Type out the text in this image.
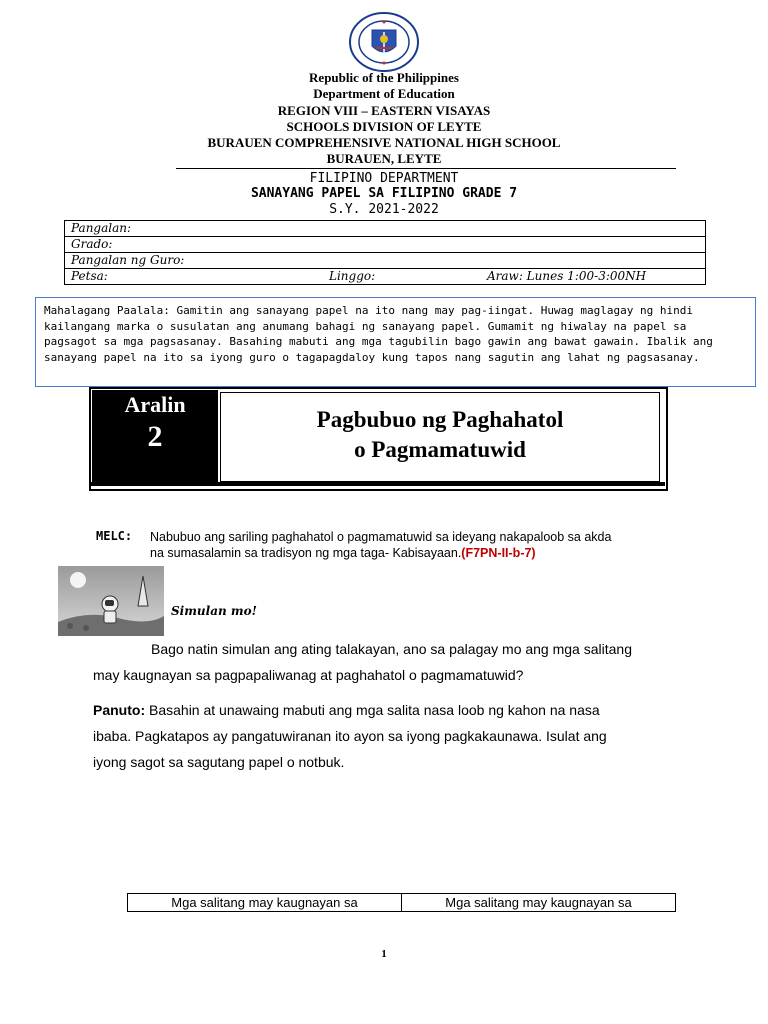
Republic of the Philippines
Department of Education
REGION VIII – EASTERN VISAYAS
SCHOOLS DIVISION OF LEYTE
BURAUEN COMPREHENSIVE NATIONAL HIGH SCHOOL
BURAUEN, LEYTE
FILIPINO DEPARTMENT
SANAYANG PAPEL SA FILIPINO GRADE 7
S.Y. 2021-2022
Pangalan:
Grado:
Pangalan ng Guro:

Petsa:	Linggo:	Araw: Lunes 1:00-3:00NH
Mahalagang Paalala: Gamitin ang sanayang papel na ito nang may pag-iingat. Huwag maglagay ng hindi
kailangang marka o susulatan ang anumang bahagi ng sanayang papel. Gumamit ng hiwalay na papel sa
pagsagot sa mga pagsasanay. Basahing mabuti ang mga tagubilin bago gawin ang bawat gawain. Ibalik ang
sanayang papel na ito sa iyong guro o tagapagdaloy kung tapos nang sagutin ang lahat ng pagsasanay.
Aralin
2
Pagbubuo ng Paghahatol
o Pagmamatuwid
MELC: Nabubuo ang sariling paghahatol o pagmamatuwid sa ideyang nakapaloob sa akda
na sumasalamin sa tradisyon ng mga taga- Kabisayaan.(F7PN-II-b-7)
Simulan mo!
Bago natin simulan ang ating talakayan, ano sa palagay mo ang mga salitang
may kaugnayan sa pagpapaliwanag at paghahatol o pagmamatuwid?
Panuto: Basahin at unawaing mabuti ang mga salita nasa loob ng kahon na nasa
ibaba. Pagkatapos ay pangatuwiranan ito ayon sa iyong pagkakaunawa. Isulat ang
iyong sagot sa sagutang papel o notbuk.
Mga salitang may kaugnayan sa	Mga salitang may kaugnayan sa
1
